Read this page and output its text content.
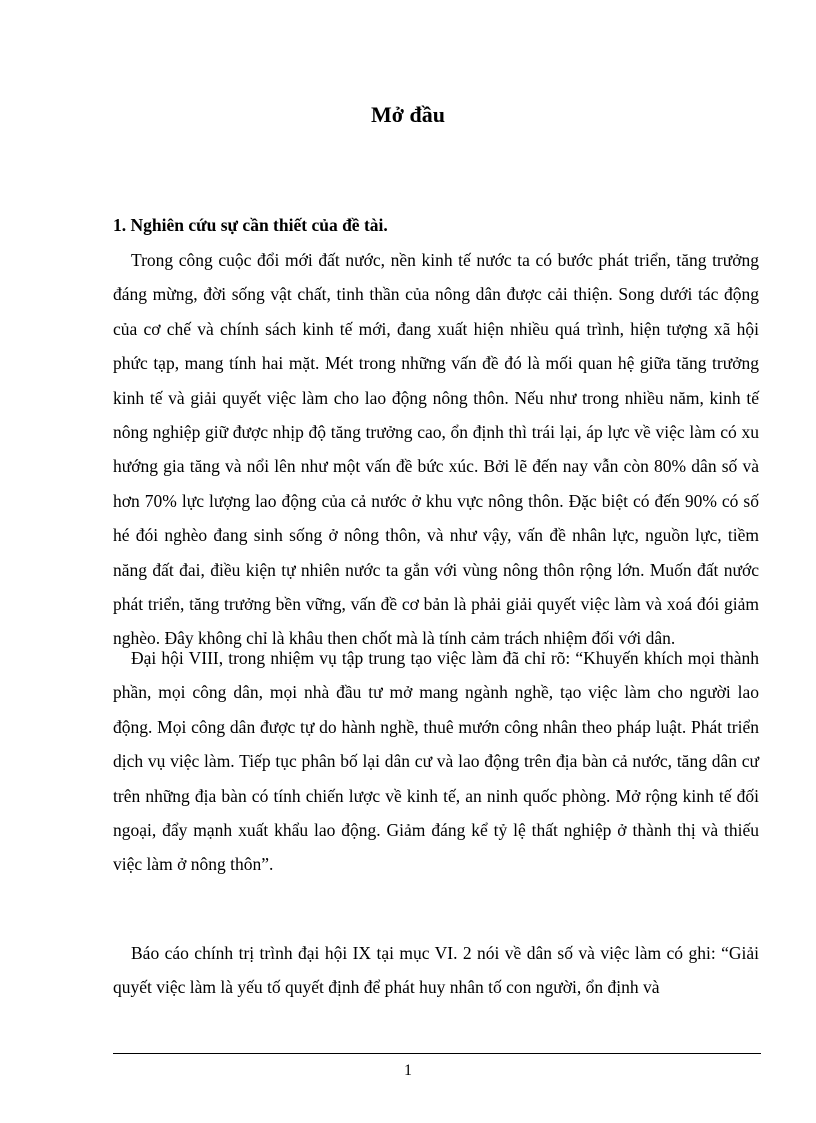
Mở đầu
1. Nghiên cứu sự cần thiết của đề tài.

Trong công cuộc đổi mới đất nước, nền kinh tế nước ta có bước phát triển, tăng trưởng đáng mừng, đời sống vật chất, tinh thần của nông dân được cải thiện. Song dưới tác động của cơ chế và chính sách kinh tế mới, đang xuất hiện nhiều quá trình, hiện tượng xã hội phức tạp, mang tính hai mặt. Mét trong những vấn đề đó là mối quan hệ giữa tăng trưởng kinh tế và giải quyết việc làm cho lao động nông thôn. Nếu như trong nhiều năm, kinh tế nông nghiệp giữ được nhịp độ tăng trưởng cao, ổn định thì trái lại, áp lực về việc làm có xu hướng gia tăng và nổi lên như một vấn đề bức xúc. Bởi lẽ đến nay vẫn còn 80% dân số và hơn 70% lực lượng lao động của cả nước ở khu vực nông thôn. Đặc biệt có đến 90% có số hé đói nghèo đang sinh sống ở nông thôn, và như vậy, vấn đề nhân lực, nguồn lực, tiềm năng đất đai, điều kiện tự nhiên nước ta gắn với vùng nông thôn rộng lớn. Muốn đất nước phát triển, tăng trưởng bền vững, vấn đề cơ bản là phải giải quyết việc làm và xoá đói giảm nghèo. Đây không chỉ là khâu then chốt mà là tính cảm trách nhiệm đối với dân.

Đại hội VIII, trong nhiệm vụ tập trung tạo việc làm đã chỉ rõ: “Khuyến khích mọi thành phần, mọi công dân, mọi nhà đầu tư mở mang ngành nghề, tạo việc làm cho người lao động. Mọi công dân được tự do hành nghề, thuê mướn công nhân theo pháp luật. Phát triển dịch vụ việc làm. Tiếp tục phân bố lại dân cư và lao động trên địa bàn cả nước, tăng dân cư trên những địa bàn có tính chiến lược về kinh tế, an ninh quốc phòng. Mở rộng kinh tế đối ngoại, đẩy mạnh xuất khẩu lao động. Giảm đáng kể tỷ lệ thất nghiệp ở thành thị và thiếu việc làm ở nông thôn”.

Báo cáo chính trị trình đại hội IX tại mục VI. 2 nói về dân số và việc làm có ghi: “Giải quyết việc làm là yếu tố quyết định để phát huy nhân tố con người, ổn định và

1
